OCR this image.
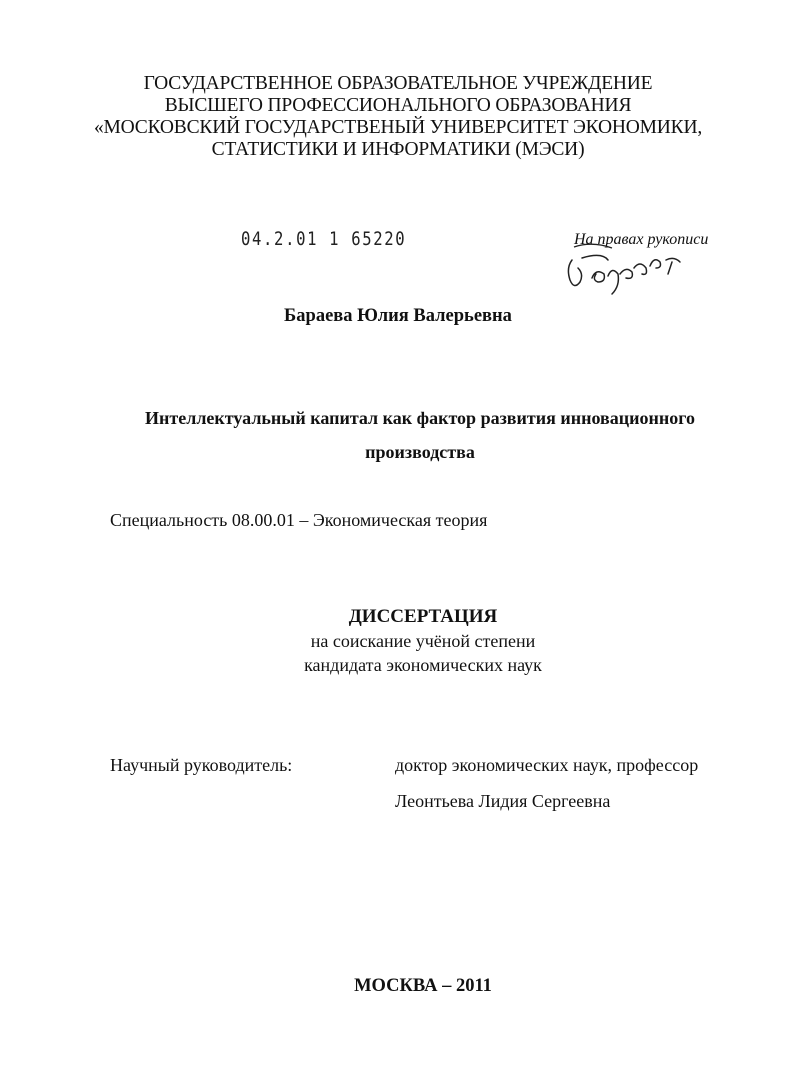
ГОСУДАРСТВЕННОЕ ОБРАЗОВАТЕЛЬНОЕ УЧРЕЖДЕНИЕ
ВЫСШЕГО ПРОФЕССИОНАЛЬНОГО ОБРАЗОВАНИЯ
«МОСКОВСКИЙ ГОСУДАРСТВЕНЫЙ УНИВЕРСИТЕТ ЭКОНОМИКИ,
СТАТИСТИКИ И ИНФОРМАТИКИ (МЭСИ)
04.2.01 1 65220	На правах рукописи
Бараева Юлия Валерьевна
Интеллектуальный капитал как фактор развития инновационного
производства
Специальность 08.00.01 – Экономическая теория
ДИССЕРТАЦИЯ
на соискание учёной степени
кандидата экономических наук
Научный руководитель:	доктор экономических наук, профессор
Леонтьева Лидия Сергеевна
МОСКВА – 2011
